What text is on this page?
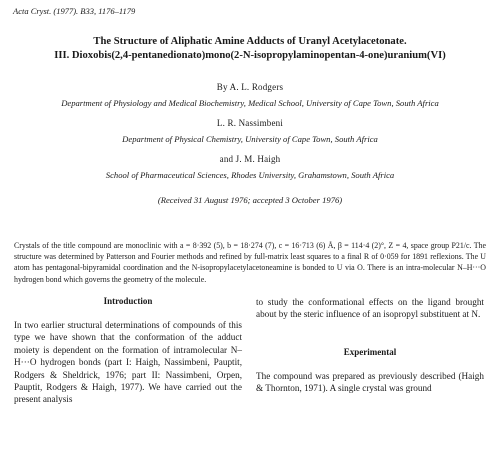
Acta Cryst. (1977). B33, 1176–1179
The Structure of Aliphatic Amine Adducts of Uranyl Acetylacetonate.
III. Dioxobis(2,4-pentanedionato)mono(2-N-isopropylaminopentan-4-one)uranium(VI)
By A. L. Rodgers
Department of Physiology and Medical Biochemistry, Medical School, University of Cape Town, South Africa
L. R. Nassimbeni
Department of Physical Chemistry, University of Cape Town, South Africa
and J. M. Haigh
School of Pharmaceutical Sciences, Rhodes University, Grahamstown, South Africa
(Received 31 August 1976; accepted 3 October 1976)

Crystals of the title compound are monoclinic with a = 8·392 (5), b = 18·274 (7), c = 16·713 (6) Å, β = 114·4 (2)°, Z = 4, space group P21/c. The structure was determined by Patterson and Fourier methods and refined by full-matrix least squares to a final R of 0·059 for 1891 reflexions. The U atom has pentagonal-bipyramidal coordination and the N-isopropylacetylacetoneamine is bonded to U via O. There is an intra-molecular N–H···O hydrogen bond which governs the geometry of the molecule.

Introduction

In two earlier structural determinations of compounds of this type we have shown that the conformation of the adduct moiety is dependent on the formation of intramolecular N–H···O hydrogen bonds (part I: Haigh, Nassimbeni, Pauptit, Rodgers & Sheldrick, 1976; part II: Nassimbeni, Orpen, Pauptit, Rodgers & Haigh, 1977). We have carried out the present analysis

to study the conformational effects on the ligand brought about by the steric influence of an isopropyl substituent at N.

Experimental

The compound was prepared as previously described (Haigh & Thornton, 1971). A single crystal was ground
